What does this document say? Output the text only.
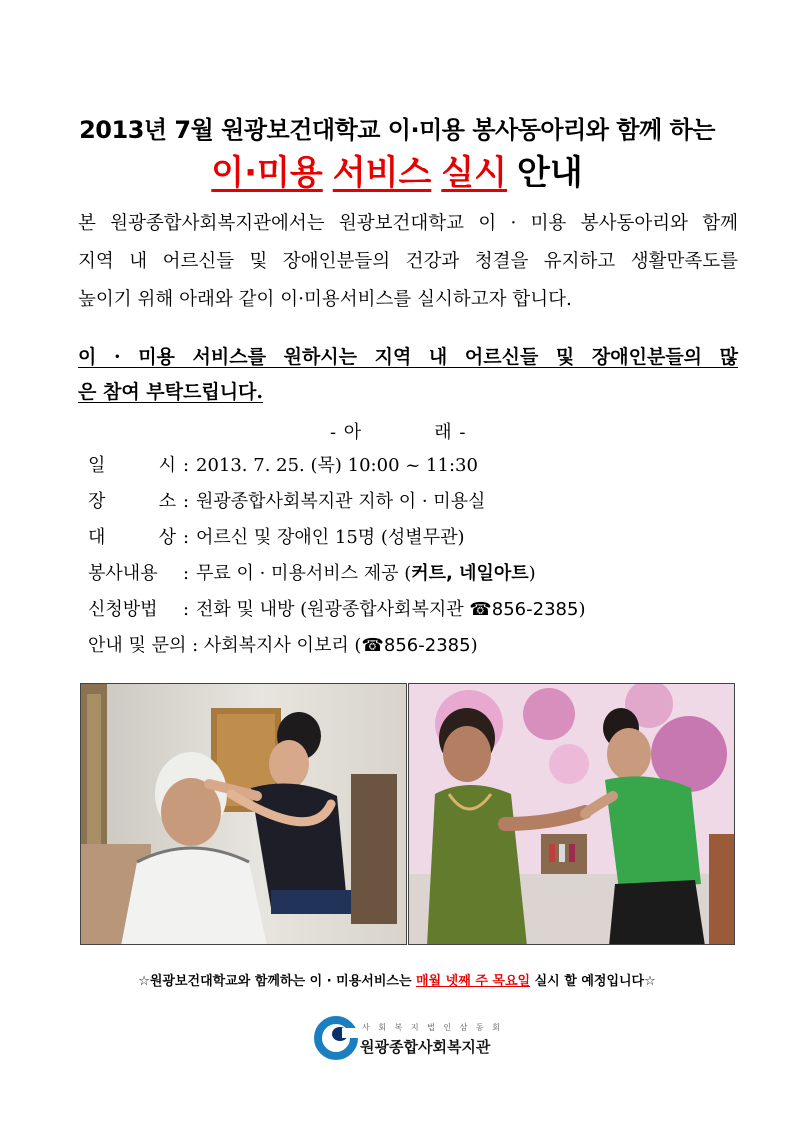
2013년 7월 원광보건대학교 이·미용 봉사동아리와 함께 하는
이·미용 서비스 실시 안내
본 원광종합사회복지관에서는 원광보건대학교 이 · 미용 봉사동아리와 함께
지역 내 어르신들 및 장애인분들의 건강과 청결을 유지하고 생활만족도를
높이기 위해 아래와 같이 이·미용서비스를 실시하고자 합니다.
이 · 미용 서비스를 원하시는 지역 내 어르신들 및 장애인분들의 많
은 참여 부탁드립니다.
- 아	래 -
일　　시 : 2013. 7. 25. (목) 10:00 ~ 11:30
장　　소 : 원광종합사회복지관 지하 이 · 미용실
대　　상 : 어르신 및 장애인 15명 (성별무관)
봉사내용 : 무료 이 · 미용서비스 제공 (커트, 네일아트)
신청방법 : 전화 및 내방 (원광종합사회복지관 ☎856-2385)
안내 및 문의 : 사회복지사 이보리 (☎856-2385)
☆원광보건대학교와 함께하는 이 · 미용서비스는 매월 넷째 주 목요일 실시 할 예정입니다☆
사 회 복 지 법 인 삼 동 회
원광종합사회복지관
